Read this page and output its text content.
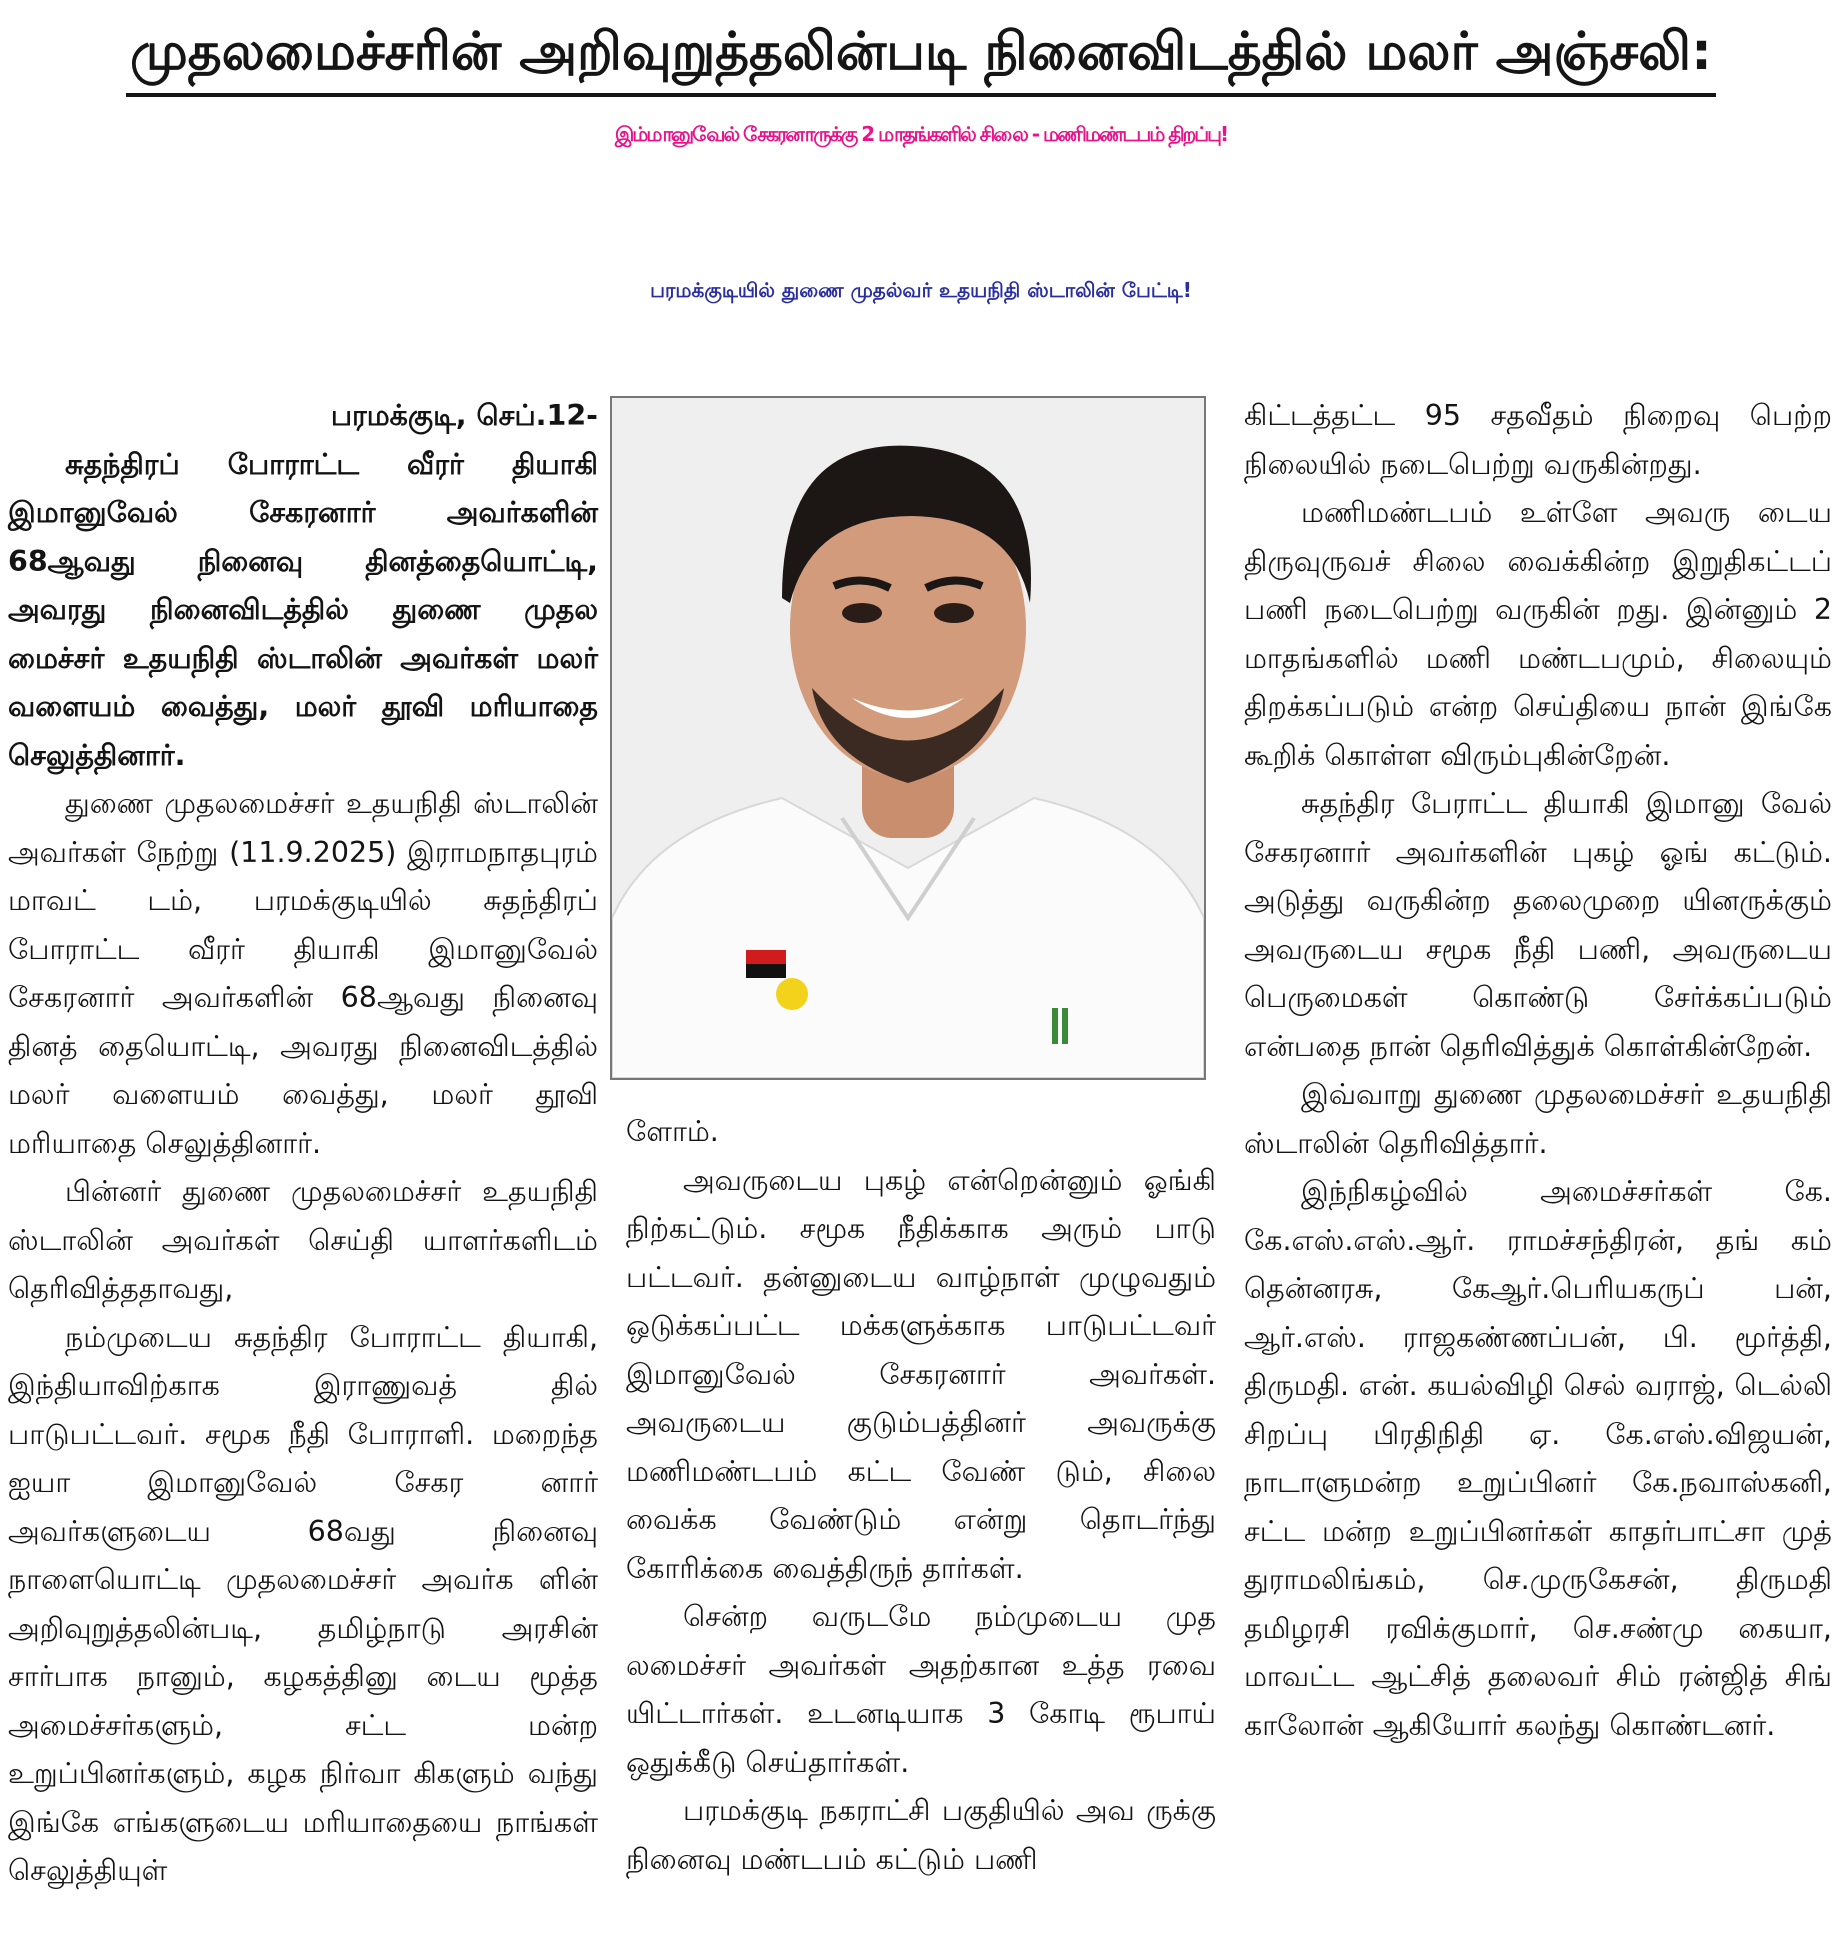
முதலமைச்சரின் அறிவுறுத்தலின்படி நினைவிடத்தில் மலர் அஞ்சலி:
இம்மானுவேல் சேகரனாருக்கு 2 மாதங்களில் சிலை - மணிமண்டபம் திறப்பு!
பரமக்குடியில் துணை முதல்வர் உதயநிதி ஸ்டாலின் பேட்டி!

பரமக்குடி, செப்.12-

சுதந்திரப் போராட்ட வீரர் தியாகி இமானுவேல் சேகரனார் அவர்களின் 68ஆவது நினைவு தினத்தையொட்டி, அவரது நினைவிடத்தில் துணை முதல மைச்சர் உதயநிதி ஸ்டாலின் அவர்கள் மலர் வளையம் வைத்து, மலர் தூவி மரியாதை செலுத்தினார்.

துணை முதலமைச்சர் உதயநிதி ஸ்டாலின் அவர்கள் நேற்று (11.9.2025) இராமநாதபுரம் மாவட் டம், பரமக்குடியில் சுதந்திரப் போராட்ட வீரர் தியாகி இமானுவேல் சேகரனார் அவர்களின் 68ஆவது நினைவு தினத் தையொட்டி, அவரது நினைவிடத்தில் மலர் வளையம் வைத்து, மலர் தூவி மரியாதை செலுத்தினார்.

பின்னர் துணை முதலமைச்சர் உதயநிதி ஸ்டாலின் அவர்கள் செய்தி யாளர்களிடம் தெரிவித்ததாவது,

நம்முடைய சுதந்திர போராட்ட தியாகி, இந்தியாவிற்காக இராணுவத் தில் பாடுபட்டவர். சமூக நீதி போராளி. மறைந்த ஐயா இமானுவேல் சேகர னார் அவர்களுடைய 68வது நினைவு நாளையொட்டி முதலமைச்சர் அவர்க ளின் அறிவுறுத்தலின்படி, தமிழ்நாடு அரசின் சார்பாக நானும், கழகத்தினு டைய மூத்த அமைச்சர்களும், சட்ட மன்ற உறுப்பினர்களும், கழக நிர்வா கிகளும் வந்து இங்கே எங்களுடைய மரியாதையை நாங்கள் செலுத்தியுள்

ளோம்.

அவருடைய புகழ் என்றென்னும் ஓங்கி நிற்கட்டும். சமூக நீதிக்காக அரும் பாடு பட்டவர். தன்னுடைய வாழ்நாள் முழுவதும் ஒடுக்கப்பட்ட மக்களுக்காக பாடுபட்டவர் இமானுவேல் சேகரனார் அவர்கள். அவருடைய குடும்பத்தினர் அவருக்கு மணிமண்டபம் கட்ட வேண் டும், சிலை வைக்க வேண்டும் என்று தொடர்ந்து கோரிக்கை வைத்திருந் தார்கள்.

சென்ற வருடமே நம்முடைய முத லமைச்சர் அவர்கள் அதற்கான உத்த ரவை யிட்டார்கள். உடனடியாக 3 கோடி ரூபாய் ஒதுக்கீடு செய்தார்கள்.

பரமக்குடி நகராட்சி பகுதியில் அவ ருக்கு நினைவு மண்டபம் கட்டும் பணி

கிட்டத்தட்ட 95 சதவீதம் நிறைவு பெற்ற நிலையில் நடைபெற்று வருகின்றது.

மணிமண்டபம் உள்ளே அவரு டைய திருவுருவச் சிலை வைக்கின்ற இறுதிகட்டப் பணி நடைபெற்று வருகின் றது. இன்னும் 2 மாதங்களில் மணி மண்டபமும், சிலையும் திறக்கப்படும் என்ற செய்தியை நான் இங்கே கூறிக் கொள்ள விரும்புகின்றேன்.

சுதந்திர பேராட்ட தியாகி இமானு வேல் சேகரனார் அவர்களின் புகழ் ஓங் கட்டும். அடுத்து வருகின்ற தலைமுறை யினருக்கும் அவருடைய சமூக நீதி பணி, அவருடைய பெருமைகள் கொண்டு சேர்க்கப்படும் என்பதை நான் தெரிவித்துக் கொள்கின்றேன்.

இவ்வாறு துணை முதலமைச்சர் உதயநிதி ஸ்டாலின் தெரிவித்தார்.

இந்நிகழ்வில் அமைச்சர்கள் கே. கே.எஸ்.எஸ்.ஆர். ராமச்சந்திரன், தங் கம் தென்னரசு, கேஆர்.பெரியகருப் பன், ஆர்.எஸ். ராஜகண்ணப்பன், பி. மூர்த்தி, திருமதி. என். கயல்விழி செல் வராஜ், டெல்லி சிறப்பு பிரதிநிதி ஏ. கே.எஸ்.விஜயன், நாடாளுமன்ற உறுப்பினர் கே.நவாஸ்கனி, சட்ட மன்ற உறுப்பினர்கள் காதர்பாட்சா முத் துராமலிங்கம், செ.முருகேசன், திருமதி தமிழரசி ரவிக்குமார், செ.சண்மு கையா, மாவட்ட ஆட்சித் தலைவர் சிம் ரன்ஜித் சிங் காலோன் ஆகியோர் கலந்து கொண்டனர்.
